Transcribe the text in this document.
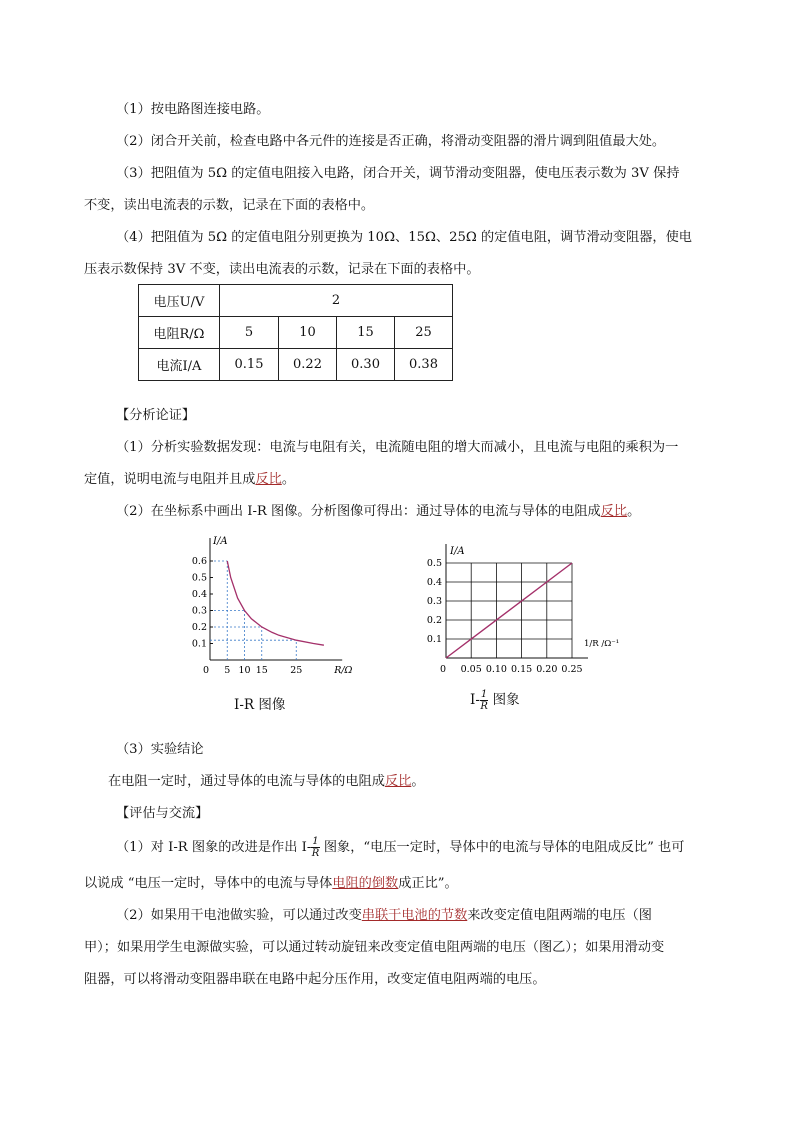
（1）按电路图连接电路。
（2）闭合开关前，检查电路中各元件的连接是否正确，将滑动变阻器的滑片调到阻值最大处。
（3）把阻值为 5Ω 的定值电阻接入电路，闭合开关，调节滑动变阻器，使电压表示数为 3V 保持
不变，读出电流表的示数，记录在下面的表格中。
（4）把阻值为 5Ω 的定值电阻分别更换为 10Ω、15Ω、25Ω 的定值电阻，调节滑动变阻器，使电
压表示数保持 3V 不变，读出电流表的示数，记录在下面的表格中。
电压U/V	2			
电阻R/Ω	5	10	15	25
电流I/A	0.15	0.22	0.30	0.38
【分析论证】
（1）分析实验数据发现：电流与电阻有关，电流随电阻的增大而减小，且电流与电阻的乘积为一
定值，说明电流与电阻并且成反比。
（2）在坐标系中画出 I-R 图像。分析图像可得出：通过导体的电流与导体的电阻成反比。
0.1
0.2
0.3
0.4
0.5
0.6
0 5 10 15 25	R/Ω
I/A
I-R 图像
0.1
0.2
0.3
0.4
0.5
0 0.05 0.10 0.15 0.20 0.25
I/A
1/R /Ω⁻¹
$I- \frac{1}{R}$ 图象
（3）实验结论
在电阻一定时，通过导体的电流与导体的电阻成反比。
【评估与交流】
（1）对 I-R 图象的改进是作出 $I- \frac{1}{R}$ 图象，“电压一定时，导体中的电流与导体的电阻成反比” 也可
以说成 “电压一定时，导体中的电流与导体电阻的倒数成正比”。
（2）如果用干电池做实验，可以通过改变串联干电池的节数来改变定值电阻两端的电压（图
甲）；如果用学生电源做实验，可以通过转动旋钮来改变定值电阻两端的电压（图乙）；如果用滑动变
阻器，可以将滑动变阻器串联在电路中起分压作用，改变定值电阻两端的电压。
